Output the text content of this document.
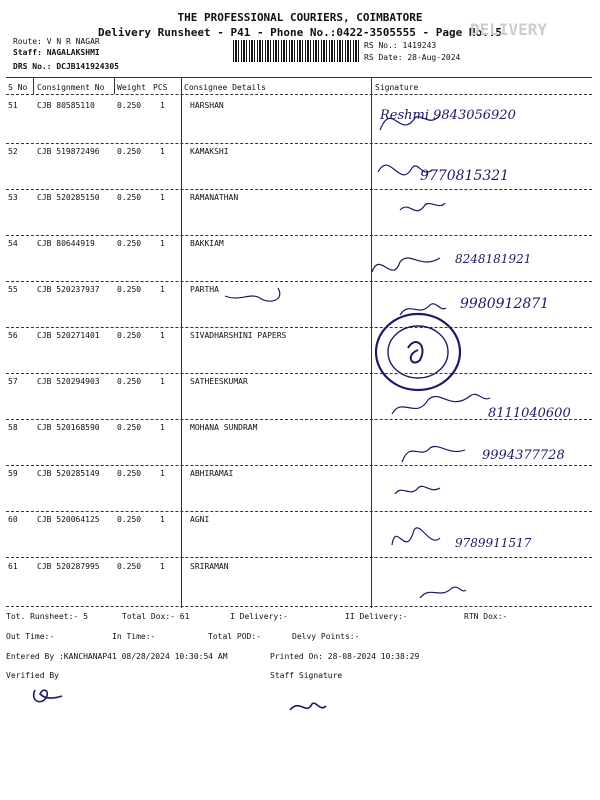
THE PROFESSIONAL COURIERS, COIMBATORE
Delivery Runsheet - P41 - Phone No.:0422-3505555 - Page No.:5
DELIVERY
Route: V N R NAGAR
Staff: NAGALAKSHMI
DRS No.: DCJB141924305
RS No.: 1419243
RS Date: 28-Aug-2024
S No Consignment No Weight PCS Consignee Details	Signature
51 CJB 80585110	0.250 1	HARSHAN
Reshmi 9843056920
52 CJB 519872496 0.250 1	KAMAKSHI
9770815321
53 CJB 520285150 0.250 1	RAMANATHAN
54 CJB 80644919	0.250 1	BAKKIAM
8248181921
55 CJB 520237937 0.250 1	PARTHA
9980912871
56 CJB 520271401 0.250 1	SIVADHARSHINI PAPERS
57 CJB 520294903 0.250 1	SATHEESKUMAR
8111040600
58 CJB 520168590 0.250 1	MOHANA SUNDRAM
9994377728
59 CJB 520285149 0.250 1	ABHIRAMAI
60 CJB 520064125 0.250 1	AGNI
9789911517
61 CJB 520287995 0.250 1	SRIRAMAN
Tot. Runsheet:- 5	Total Dox:- 61	I Delivery:-	II Delivery:-	RTN Dox:-
Out Time:-	In Time:-	Total POD:-	Delvy Points:-
Entered By :KANCHANAP41 08/28/2024 10:30:54 AM	Printed On: 28-08-2024 10:38:29
Verified By	Staff Signature
